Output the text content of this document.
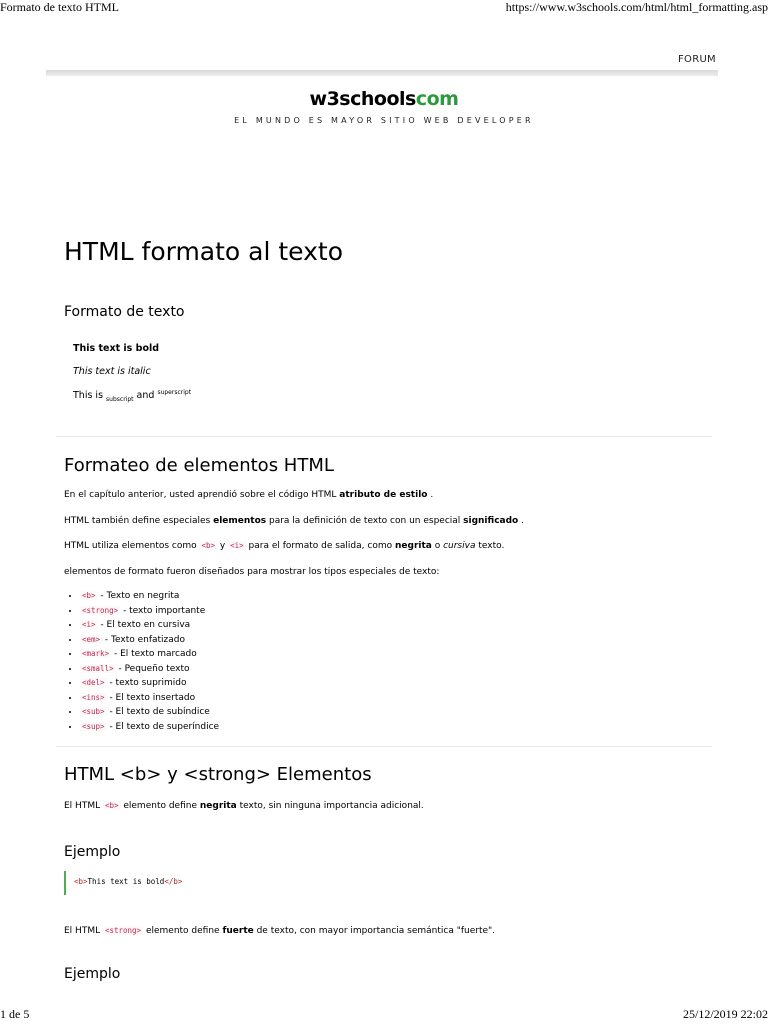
Formato de texto HTML	https://www.w3schools.com/html/html_formatting.asp
FORUM
w3schoolscom
EL MUNDO ES MAYOR SITIO WEB DEVELOPER
HTML formato al texto
Formato de texto
This text is bold
This text is italic
This is $_{subscript}$ and $^{superscript}$
Formateo de elementos HTML
En el capítulo anterior, usted aprendió sobre el código HTML atributo de estilo .
HTML también define especiales elementos para la definición de texto con un especial significado .
HTML utiliza elementos como <b> y <i> para el formato de salida, como negrita o cursiva texto.
elementos de formato fueron diseñados para mostrar los tipos especiales de texto:
• <b> - Texto en negrita
• <strong> - texto importante
• <i> - El texto en cursiva
• <em> - Texto enfatizado
• <mark> - El texto marcado
• <small> - Pequeño texto
• <del> - texto suprimido
• <ins> - El texto insertado
• <sub> - El texto de subíndice
• <sup> - El texto de superíndice
HTML <b> y <strong> Elementos
El HTML <b> elemento define negrita texto, sin ninguna importancia adicional.
Ejemplo
<b>This text is bold</b>
El HTML <strong> elemento define fuerte de texto, con mayor importancia semántica "fuerte".
Ejemplo
1 de 5	25/12/2019 22:02
